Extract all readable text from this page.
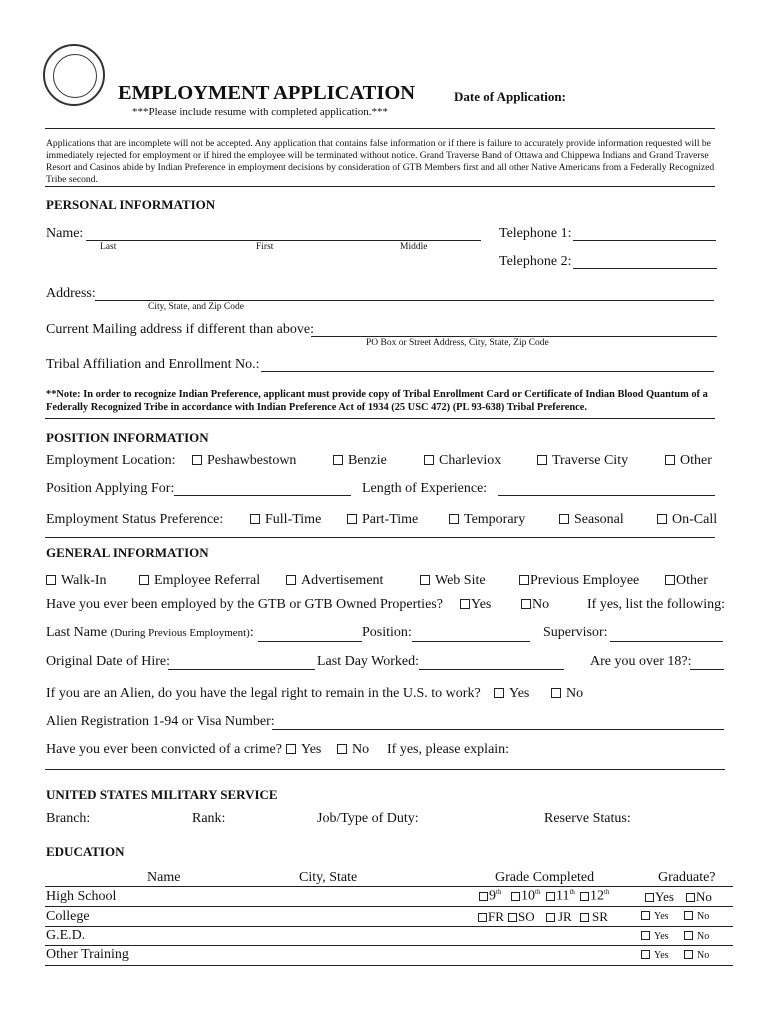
EMPLOYMENT APPLICATION	Date of Application:
***Please include resume with completed application.***
Applications that are incomplete will not be accepted. Any application that contains false information or if there is failure to accurately provide information requested will be immediately rejected for employment or if hired the employee will be terminated without notice. Grand Traverse Band of Ottawa and Chippewa Indians and Grand Traverse Resort and Casinos abide by Indian Preference in employment decisions by consideration of GTB Members first and all other Native Americans from a Federally Recognized Tribe second.
PERSONAL INFORMATION
Name:
Last	First	Middle
Telephone 1:
Telephone 2:
Address:
City, State, and Zip Code
Current Mailing address if different than above:
PO Box or Street Address, City, State, Zip Code
Tribal Affiliation and Enrollment No.:
**Note: In order to recognize Indian Preference, applicant must provide copy of Tribal Enrollment Card or Certificate of Indian Blood Quantum of a Federally Recognized Tribe in accordance with Indian Preference Act of 1934 (25 USC 472) (PL 93-638) Tribal Preference.
POSITION INFORMATION
Employment Location:	Peshawbestown	Benzie	Charleviox	Traverse City	Other
Position Applying For:	Length of Experience:
Employment Status Preference:	Full-Time	Part-Time	Temporary	Seasonal	On-Call
GENERAL INFORMATION
Walk-In	Employee Referral	Advertisement	Web Site	Previous Employee	Other
Have you ever been employed by the GTB or GTB Owned Properties?	Yes	No	If yes, list the following:
Last Name (During Previous Employment):	Position:	Supervisor:
Original Date of Hire:	Last Day Worked:	Are you over 18?:
If you are an Alien, do you have the legal right to remain in the U.S. to work?	Yes	No
Alien Registration 1-94 or Visa Number:
Have you ever been convicted of a crime?	Yes	No If yes, please explain:
UNITED STATES MILITARY SERVICE
Branch:	Rank:	Job/Type of Duty:	Reserve Status:
EDUCATION
Name	City, State	Grade Completed	Graduate?
High School	9th	10th	11th	12th	Yes	No
College	FR	SO	JR	SR	Yes	No
G.E.D.	Yes	No
Other Training	Yes	No
